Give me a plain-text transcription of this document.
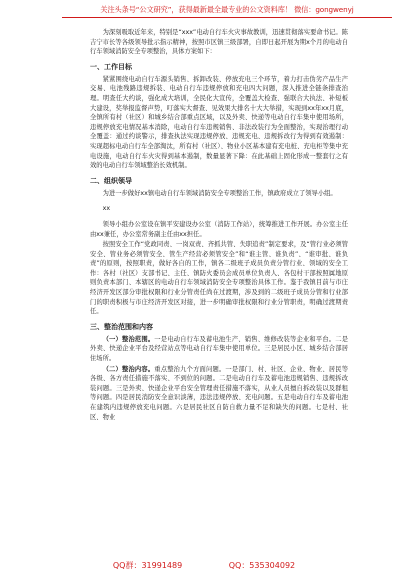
关注头条号“公文研究”，获得最新最全最专业的公文资料库！ 微信：gongwenyj

为深刻吸取近年来，特别是“xxx”电动自行车火灾事故教训，迅速贯彻落实要命书记。陈吉宁市长等各级领导批示指示精神，按照市区镇三级部署，自即日起开展为期x个月的电动自行车领域消防安全专项整治，具体方案如下：

一、工作目标

紧紧围绕电动自行车源头销售、拆卸改装、停放充电三个环节，着力打击伪劣产品生产交易、电池残路违规拆装、电动自行车违规停放和充电四大问题，深入推进全链条排查治理。明查任大约谈，强化成大培训，全民化大宣传，全覆盖大检查、强联合大执法、补短板大建设，奖举报监督声势，叮落实大督查、见效果大排名十大大举措，实现到xx年xx月底，全镇所有村（社区）和城乡结合部重点区域，以及外卖、快递等电动自行车集中使用场所，违规停放充电情况基本消除，电动自行车违规销售、非法改装行为全面整治，实现治理行动全覆盖：通过约谈警示，排查执法实现违规停放、违规充电、违规拆改行为得到有效遏制：实现超标电动自行车全部淘汰，所有村（社区）、物业小区基本建有充电桩、充电柜等集中充电设施，电动自行车火灾得到基本遏制，数量显著下降：在此基础上固化形成一整套行之有效的电动自行车领域整治长效机制。

二、组织领导

为进一步做好xx镇电动自行车领域消防安全专项整治工作，镇政府成立了领导小组。

xx

领导小组办公室设在镇平安建设办公室（消防工作站），统筹推进工作开展。办公室主任由xx兼任，办公室常务副主任由xx担任。

按照安全工作“党政同责、一岗双责、齐抓共管、失职追责”制定要求，及“管行业必须管安全、管业务必须管安全、管生产经营必须管安全”和“谁主管、谁负责”、“谁审批、谁负责”的原则，按照职责，做好各自的工作，镇各二级班子成员负责分管行业、领域的安全工作：各村（社区）支部书记、主任、镇防火委员会成员单位负责人、各包村干部按照属地原则负责本部门、本辖区的电动自行车领域消防安全专项整治具体工作。鉴于我镇目前与市庄经济开发区部分审批权限和行业分管责任尚在过渡期，涉及到的二级班子成员分管和行业部门的职责积极与市庄经济开发区对接，进一步明确审批权限和行业分管职责，明确过渡期责任。

三、整治范围和内容

（一）整治范围。一是电动自行车及蓄电池生产、销售、维修改装等企业和平台。二是外卖、快递企业平台及经营站点等电动自行车集中使用单位。三是居民小区、城乡结合部居住场所。

（二）整治内容。重点整治九个方面问题。一是部门、村、社区、企业、物业、居民等各级、各方责任措施不落实、不到位的问题。二是电动自行车及蓄电池违规销售、违规拆改装问题。三是外卖、快递企业平台安全管理责任措施不落实，从业人员擅自拆改装以及群租等问题。四是居民消防安全意识淡薄，违法违规停放、充电问题。五是电动自行车及蓄电池在建筑内违规停放充电问题。六是居民社区自防自救力量不足和缺失的问题。七是村、社区、物业

QQ群：31991489	QQ：535304092
